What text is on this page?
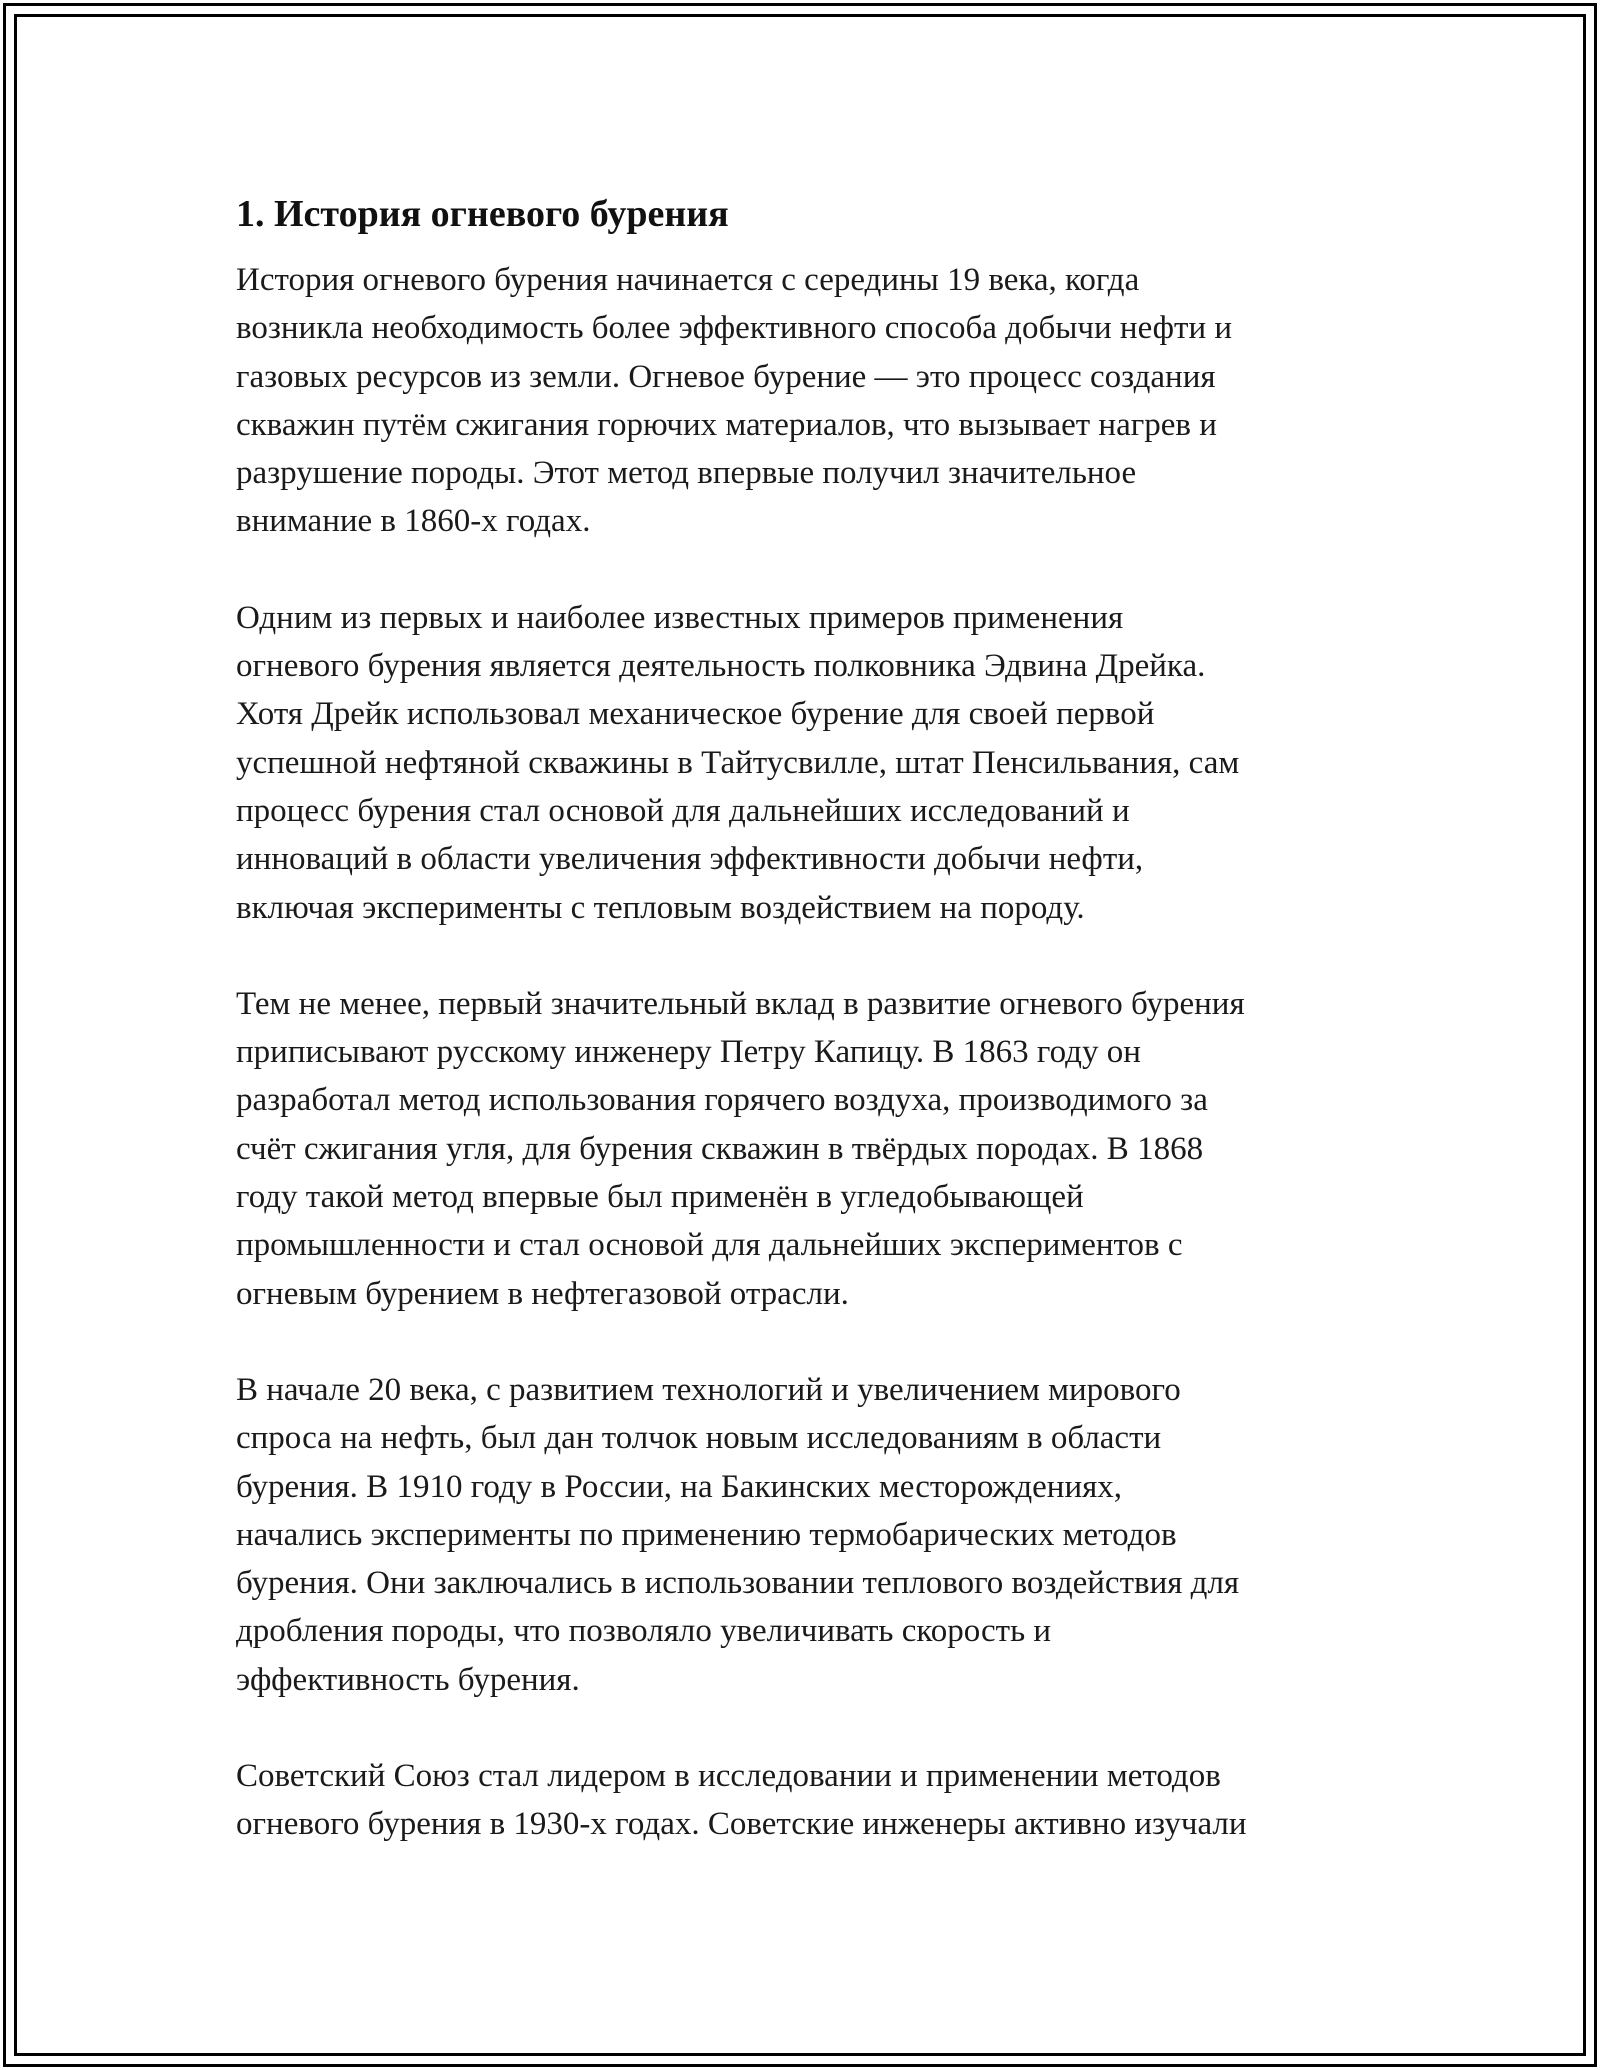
1. История огневого бурения

История огневого бурения начинается с середины 19 века, когда
возникла необходимость более эффективного способа добычи нефти и
газовых ресурсов из земли. Огневое бурение — это процесс создания
скважин путём сжигания горючих материалов, что вызывает нагрев и
разрушение породы. Этот метод впервые получил значительное
внимание в 1860-х годах.

Одним из первых и наиболее известных примеров применения
огневого бурения является деятельность полковника Эдвина Дрейка.
Хотя Дрейк использовал механическое бурение для своей первой
успешной нефтяной скважины в Тайтусвилле, штат Пенсильвания, сам
процесс бурения стал основой для дальнейших исследований и
инноваций в области увеличения эффективности добычи нефти,
включая эксперименты с тепловым воздействием на породу.

Тем не менее, первый значительный вклад в развитие огневого бурения
приписывают русскому инженеру Петру Капицу. В 1863 году он
разработал метод использования горячего воздуха, производимого за
счёт сжигания угля, для бурения скважин в твёрдых породах. В 1868
году такой метод впервые был применён в угледобывающей
промышленности и стал основой для дальнейших экспериментов с
огневым бурением в нефтегазовой отрасли.

В начале 20 века, с развитием технологий и увеличением мирового
спроса на нефть, был дан толчок новым исследованиям в области
бурения. В 1910 году в России, на Бакинских месторождениях,
начались эксперименты по применению термобарических методов
бурения. Они заключались в использовании теплового воздействия для
дробления породы, что позволяло увеличивать скорость и
эффективность бурения.

Советский Союз стал лидером в исследовании и применении методов
огневого бурения в 1930-х годах. Советские инженеры активно изучали
